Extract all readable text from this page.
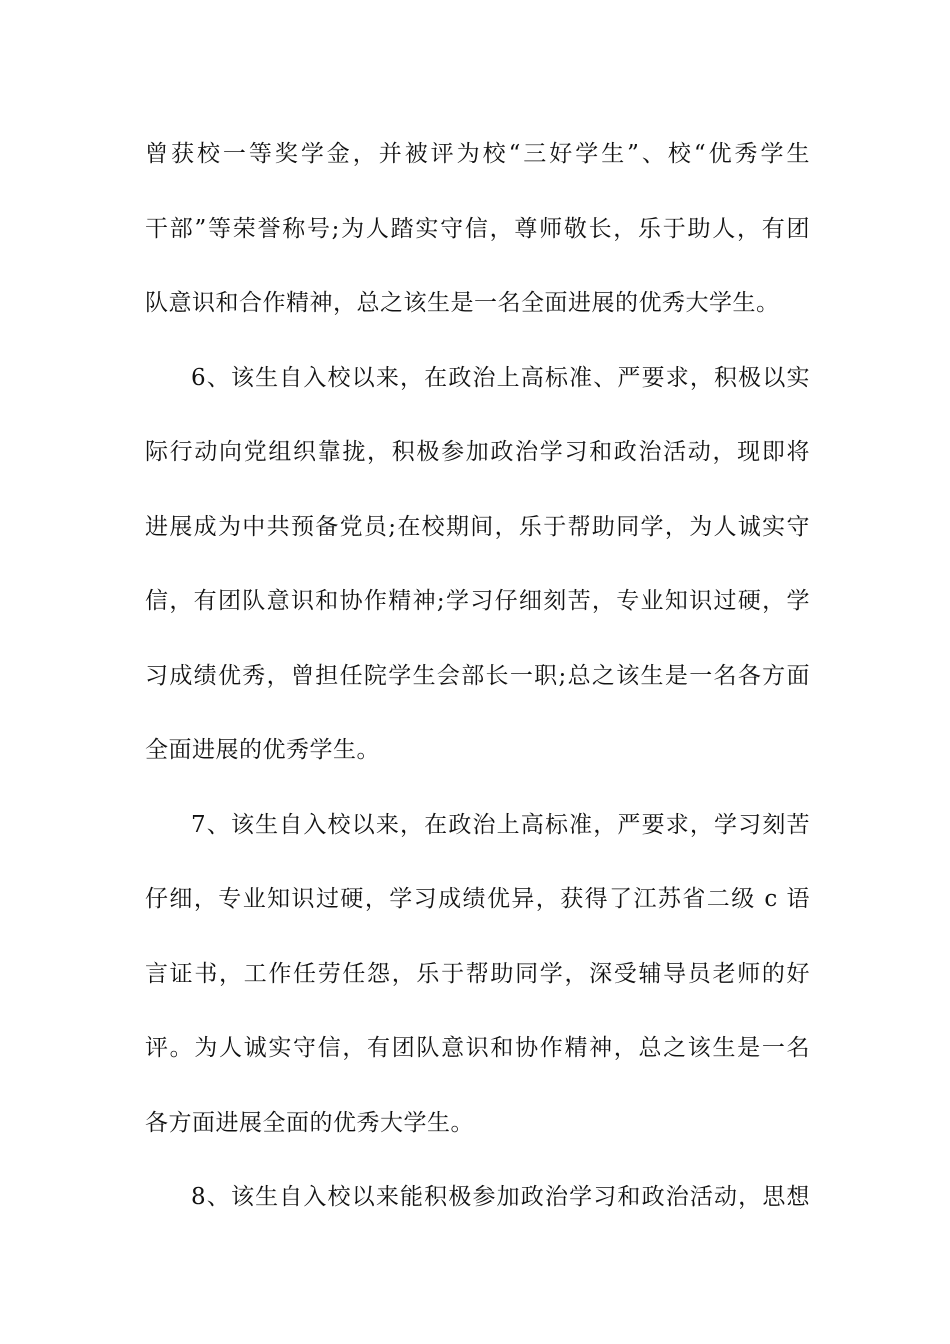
曾获校一等奖学金，并被评为校“三好学生”、校“优秀学生
干部”等荣誉称号;为人踏实守信，尊师敬长，乐于助人，有团
队意识和合作精神，总之该生是一名全面进展的优秀大学生。
6、该生自入校以来，在政治上高标准、严要求，积极以实
际行动向党组织靠拢，积极参加政治学习和政治活动，现即将
进展成为中共预备党员;在校期间，乐于帮助同学，为人诚实守
信，有团队意识和协作精神;学习仔细刻苦，专业知识过硬，学
习成绩优秀，曾担任院学生会部长一职;总之该生是一名各方面
全面进展的优秀学生。
7、该生自入校以来，在政治上高标准，严要求，学习刻苦
仔细，专业知识过硬，学习成绩优异，获得了江苏省二级 c 语
言证书，工作任劳任怨，乐于帮助同学，深受辅导员老师的好
评。为人诚实守信，有团队意识和协作精神，总之该生是一名
各方面进展全面的优秀大学生。
8、该生自入校以来能积极参加政治学习和政治活动，思想
